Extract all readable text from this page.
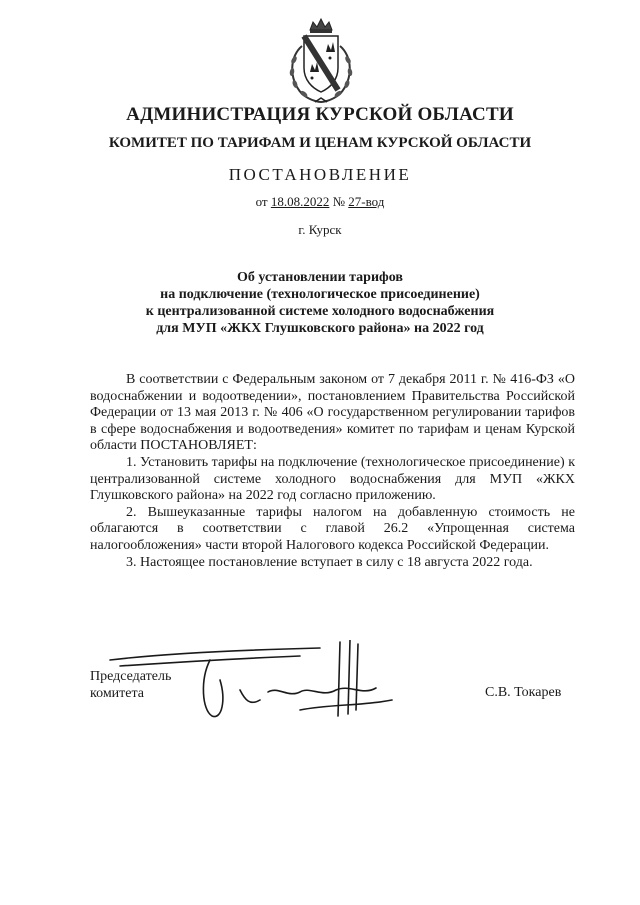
АДМИНИСТРАЦИЯ КУРСКОЙ ОБЛАСТИ
КОМИТЕТ ПО ТАРИФАМ И ЦЕНАМ КУРСКОЙ ОБЛАСТИ
ПОСТАНОВЛЕНИЕ
от 18.08.2022 № 27-вод
г. Курск
Об установлении тарифов
на подключение (технологическое присоединение)
к централизованной системе холодного водоснабжения
для МУП «ЖКХ Глушковского района» на 2022 год

В соответствии с Федеральным законом от 7 декабря 2011 г. № 416-ФЗ «О водоснабжении и водоотведении», постановлением Правительства Российской Федерации от 13 мая 2013 г. № 406 «О государственном регулировании тарифов в сфере водоснабжения и водоотведения» комитет по тарифам и ценам Курской области ПОСТАНОВЛЯЕТ:

1. Установить тарифы на подключение (технологическое присоединение) к централизованной системе холодного водоснабжения для МУП «ЖКХ Глушковского района» на 2022 год согласно приложению.

2. Вышеуказанные тарифы налогом на добавленную стоимость не облагаются в соответствии с главой 26.2 «Упрощенная система налогообложения» части второй Налогового кодекса Российской Федерации.

3. Настоящее постановление вступает в силу с 18 августа 2022 года.

Председатель
комитета	С.В. Токарев
